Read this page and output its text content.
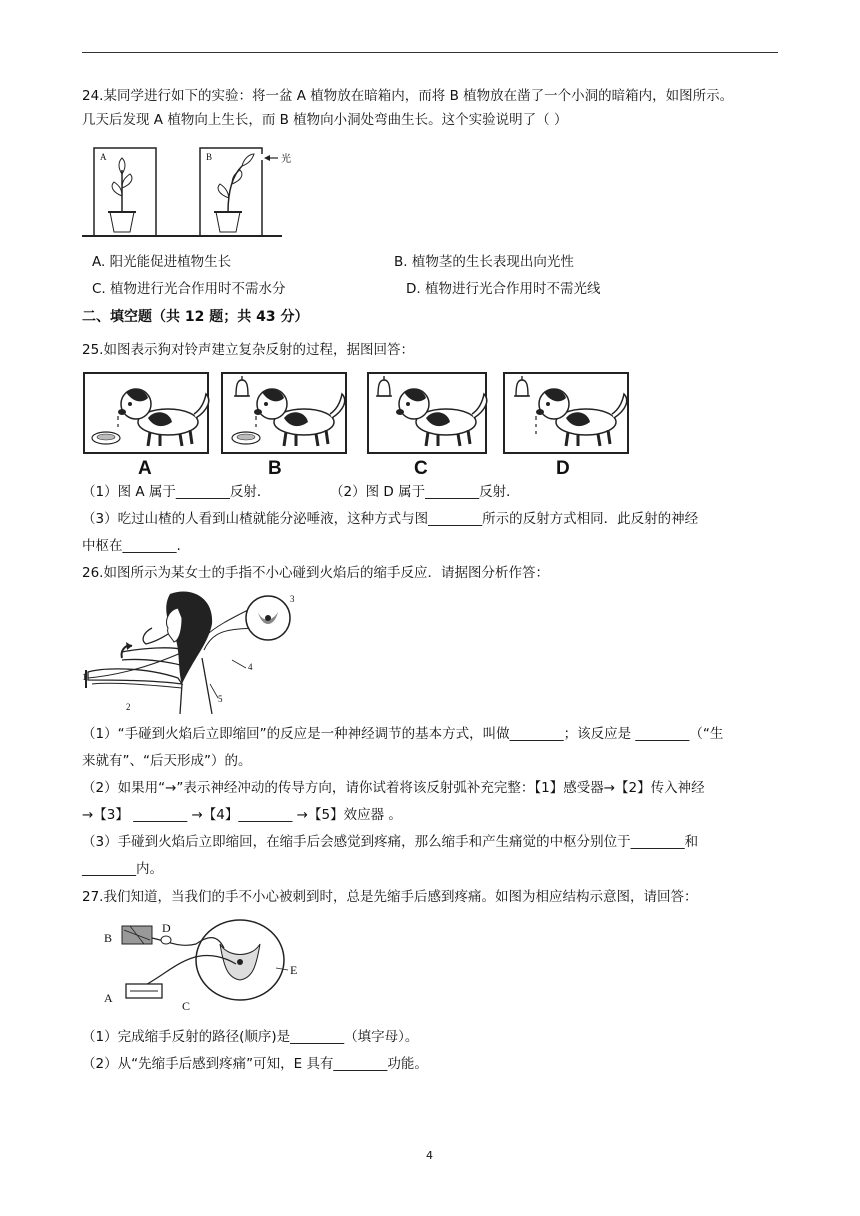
24.某同学进行如下的实验：将一盆 A 植物放在暗箱内，而将 B 植物放在凿了一个小洞的暗箱内，如图所示。
几天后发现 A 植物向上生长，而 B 植物向小洞处弯曲生长。这个实验说明了（ ）
A	B	光
A. 阳光能促进植物生长	B. 植物茎的生长表现出向光性
C. 植物进行光合作用时不需水分	D. 植物进行光合作用时不需光线
二、填空题（共 12 题；共 43 分）
25.如图表示狗对铃声建立复杂反射的过程，据图回答：
A	B	C	D
（1）图 A 属于________反射．	（2）图 D 属于________反射．
（3）吃过山楂的人看到山楂就能分泌唾液，这种方式与图________所示的反射方式相同．此反射的神经
中枢在________.
26.如图所示为某女士的手指不小心碰到火焰后的缩手反应．请据图分析作答：
1
2
3
4
5
（1）“手碰到火焰后立即缩回”的反应是一种神经调节的基本方式，叫做________；该反应是 ________（“生
来就有”、“后天形成”）的。
（2）如果用“→”表示神经冲动的传导方向，请你试着将该反射弧补充完整：【1】感受器→【2】传入神经
→【3】 ________ →【4】________ →【5】效应器 。
（3）手碰到火焰后立即缩回，在缩手后会感觉到疼痛，那么缩手和产生痛觉的中枢分别位于________和
________内。
27.我们知道，当我们的手不小心被刺到时，总是先缩手后感到疼痛。如图为相应结构示意图，请回答：
B
D
A
C
E
（1）完成缩手反射的路径(顺序)是________（填字母）。
（2）从“先缩手后感到疼痛”可知，E 具有________功能。
4
